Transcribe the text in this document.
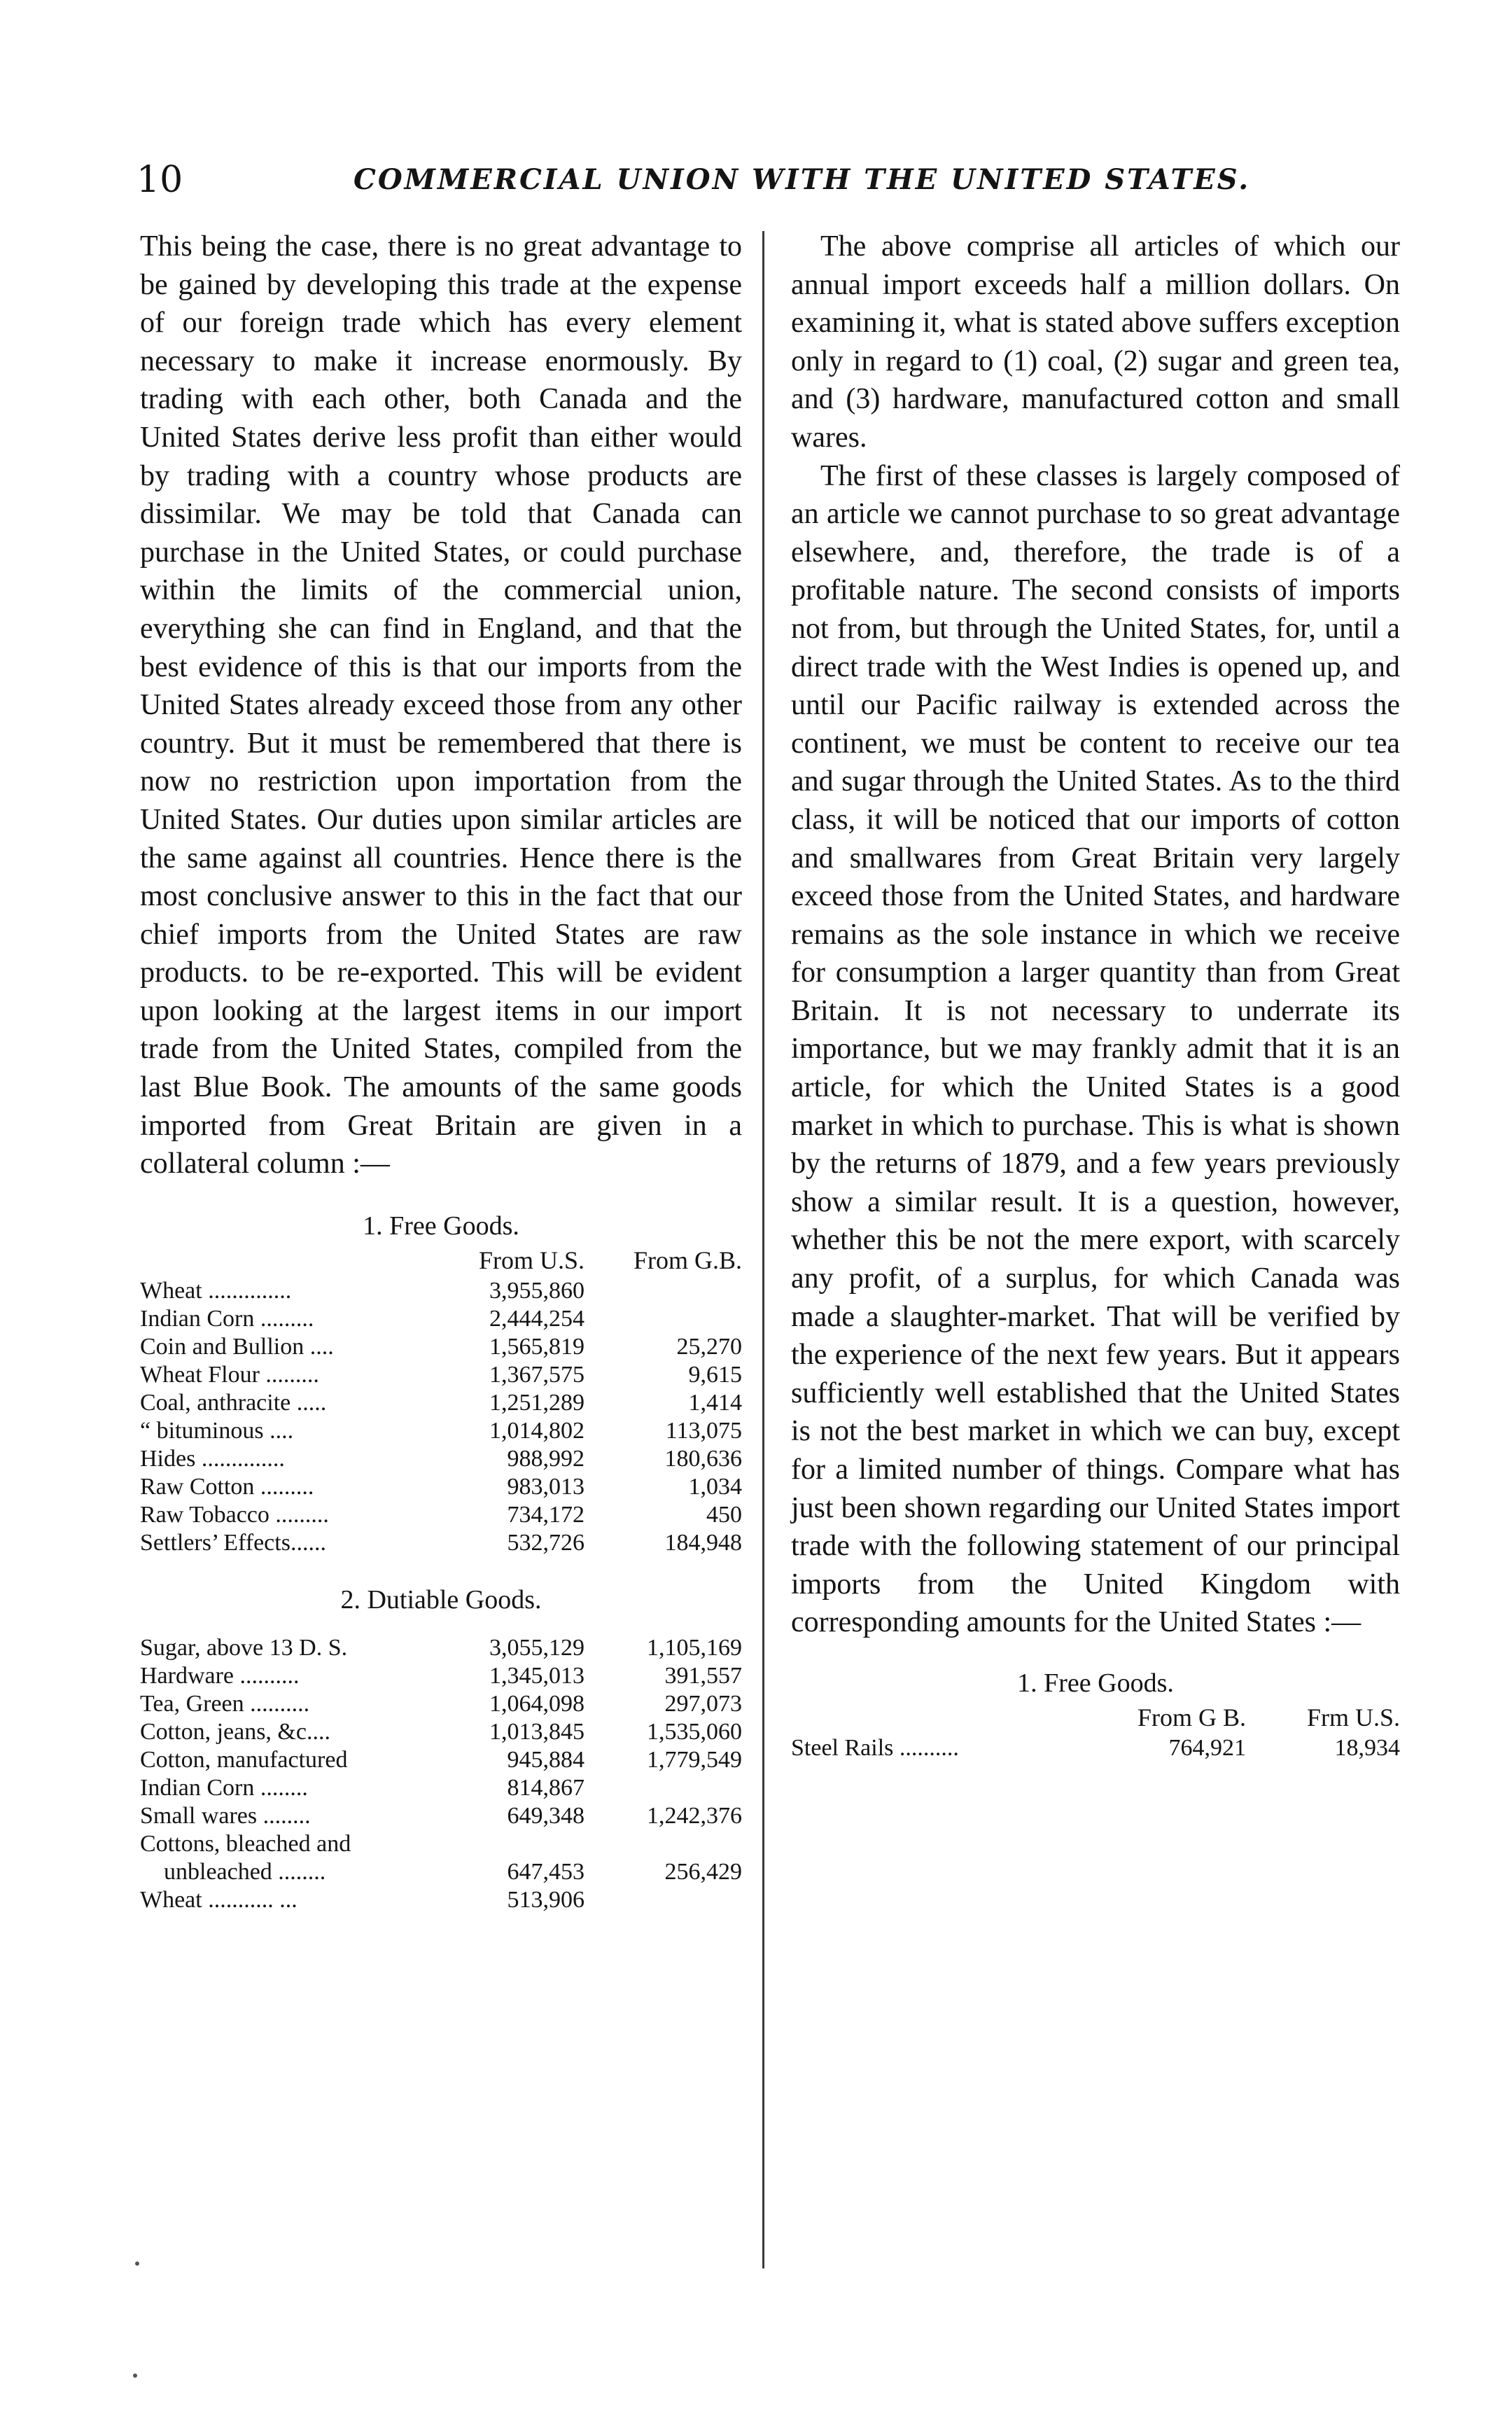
10	COMMERCIAL UNION WITH THE UNITED STATES.

This being the case, there is no great advantage to be gained by developing this trade at the expense of our foreign trade which has every element necessary to make it increase enormously. By trading with each other, both Canada and the United States derive less profit than either would by trading with a country whose products are dissimilar. We may be told that Canada can purchase in the United States, or could purchase within the limits of the commercial union, everything she can find in England, and that the best evidence of this is that our imports from the United States already exceed those from any other country. But it must be remembered that there is now no restriction upon importation from the United States. Our duties upon similar articles are the same against all countries. Hence there is the most conclusive answer to this in the fact that our chief imports from the United States are raw products. to be re-exported. This will be evident upon looking at the largest items in our import trade from the United States, compiled from the last Blue Book. The amounts of the same goods imported from Great Britain are given in a collateral column :—

1. Free Goods.

	From U.S.	From G.B.
Wheat ..............	3,955,860	
Indian Corn .........	2,444,254	
Coin and Bullion ....	1,565,819	25,270
Wheat Flour .........	1,367,575	9,615
Coal, anthracite .....	1,251,289	1,414
“ bituminous ....	1,014,802	113,075
Hides ..............	988,992	180,636
Raw Cotton .........	983,013	1,034
Raw Tobacco .........	734,172	450
Settlers’ Effects......	532,726	184,948

2. Dutiable Goods.

Sugar, above 13 D. S.	3,055,129	1,105,169
Hardware ..........	1,345,013	391,557
Tea, Green ..........	1,064,098	297,073
Cotton, jeans, &c....	1,013,845	1,535,060
Cotton, manufactured	945,884	1,779,549
Indian Corn ........	814,867	
Small wares ........	649,348	1,242,376
Cottons, bleached and		
unbleached ........	647,453	256,429
Wheat ........... ...	513,906	

The above comprise all articles of which our annual import exceeds half a million dollars. On examining it, what is stated above suffers exception only in regard to (1) coal, (2) sugar and green tea, and (3) hardware, manufactured cotton and small wares.

The first of these classes is largely composed of an article we cannot purchase to so great advantage elsewhere, and, therefore, the trade is of a profitable nature. The second consists of imports not from, but through the United States, for, until a direct trade with the West Indies is opened up, and until our Pacific railway is extended across the continent, we must be content to receive our tea and sugar through the United States. As to the third class, it will be noticed that our imports of cotton and smallwares from Great Britain very largely exceed those from the United States, and hardware remains as the sole instance in which we receive for consumption a larger quantity than from Great Britain. It is not necessary to underrate its importance, but we may frankly admit that it is an article, for which the United States is a good market in which to purchase. This is what is shown by the returns of 1879, and a few years previously show a similar result. It is a question, however, whether this be not the mere export, with scarcely any profit, of a surplus, for which Canada was made a slaughter-market. That will be verified by the experience of the next few years. But it appears sufficiently well established that the United States is not the best market in which we can buy, except for a limited number of things. Compare what has just been shown regarding our United States import trade with the following statement of our principal imports from the United Kingdom with corresponding amounts for the United States :—

1. Free Goods.

	From G B.	Frm U.S.
Steel Rails ..........	764,921	18,934
